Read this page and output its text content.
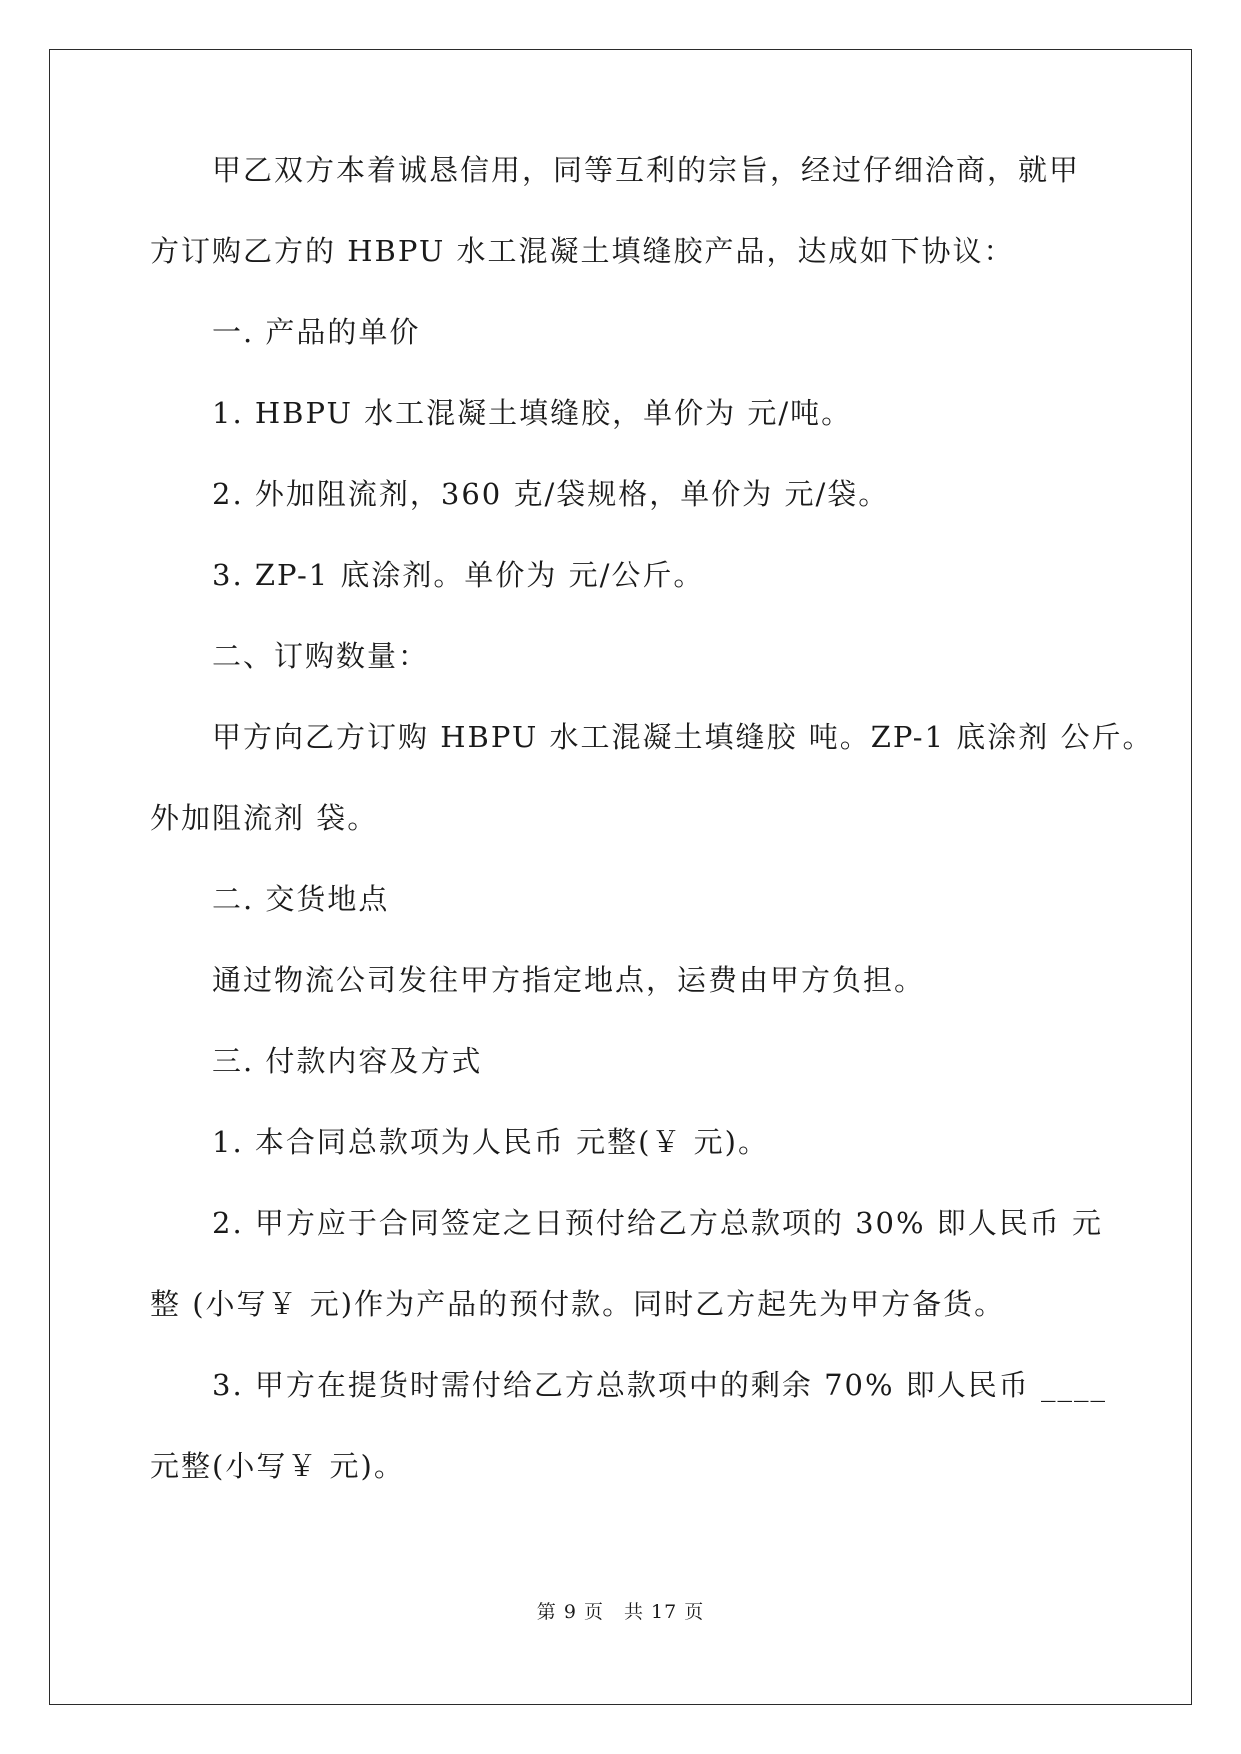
甲乙双方本着诚恳信用，同等互利的宗旨，经过仔细洽商，就甲

方订购乙方的 HBPU 水工混凝土填缝胶产品，达成如下协议：

一. 产品的单价

1. HBPU 水工混凝土填缝胶，单价为 元/吨。

2. 外加阻流剂，360 克/袋规格，单价为 元/袋。

3. ZP-1 底涂剂。单价为 元/公斤。

二、订购数量：

甲方向乙方订购 HBPU 水工混凝土填缝胶 吨。ZP-1 底涂剂 公斤。

外加阻流剂 袋。

二. 交货地点

通过物流公司发往甲方指定地点，运费由甲方负担。

三. 付款内容及方式

1. 本合同总款项为人民币 元整(￥ 元)。

2. 甲方应于合同签定之日预付给乙方总款项的 30% 即人民币 元

整 (小写￥ 元)作为产品的预付款。同时乙方起先为甲方备货。

3. 甲方在提货时需付给乙方总款项中的剩余 70% 即人民币 ____

元整(小写￥ 元)。

第 9 页　共 17 页
